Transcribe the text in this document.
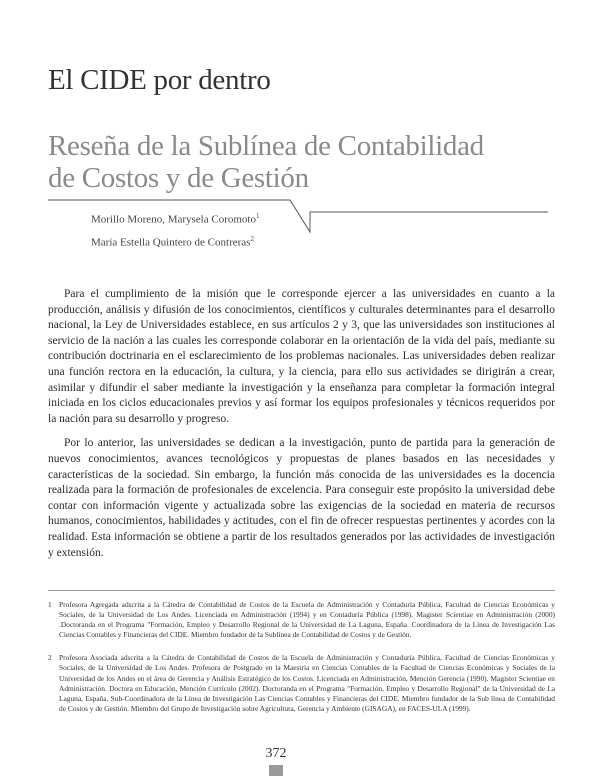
El CIDE por dentro
Reseña de la Sublínea de Contabilidad
de Costos y de Gestión
Morillo Moreno, Marysela Coromoto$^1$
María Estella Quintero de Contreras$^2$

Para el cumplimiento de la misión que le corresponde ejercer a las universidades en cuanto a la producción, análisis y difusión de los conocimientos, científicos y culturales determinantes para el desarrollo nacional, la Ley de Universidades establece, en sus artículos 2 y 3, que las universidades son instituciones al servicio de la nación a las cuales les corresponde colaborar en la orientación de la vida del país, mediante su contribución doctrinaria en el esclarecimiento de los problemas nacionales. Las universidades deben realizar una función rectora en la educación, la cultura, y la ciencia, para ello sus actividades se dirigirán a crear, asimilar y difundir el saber mediante la investigación y la enseñanza para completar la formación integral iniciada en los ciclos educacionales previos y así formar los equipos profesionales y técnicos requeridos por la nación para su desarrollo y progreso.

Por lo anterior, las universidades se dedican a la investigación, punto de partida para la generación de nuevos conocimientos, avances tecnológicos y propuestas de planes basados en las necesidades y características de la sociedad. Sin embargo, la función más conocida de las universidades es la docencia realizada para la formación de profesionales de excelencia. Para conseguir este propósito la universidad debe contar con información vigente y actualizada sobre las exigencias de la sociedad en materia de recursos humanos, conocimientos, habilidades y actitudes, con el fin de ofrecer respuestas pertinentes y acordes con la realidad. Esta información se obtiene a partir de los resultados generados por las actividades de investigación y extensión.

1 Profesora Agregada adscrita a la Cátedra de Contabilidad de Costos de la Escuela de Administración y Contaduría Pública, Facultad de Ciencias Económicas y Sociales, de la Universidad de Los Andes. Licenciada en Administración (1994) y en Contaduría Pública (1998). Magister Scientiae en Administración (2000) .Doctoranda en el Programa "Formación, Empleo y Desarrollo Regional de la Universidad de La Laguna, España. Coordinadora de la Línea de Investigación Las Ciencias Contables y Financieras del CIDE. Miembro fundador de la Sublínea de Contabilidad de Costos y de Gestión.
2 Profesora Asociada adscrita a la Cátedra de Contabilidad de Costos de la Escuela de Administración y Contaduría Pública, Facultad de Ciencias Económicas y Sociales, de la Universidad de Los Andes. Profesora de Postgrado en la Maestría en Ciencias Contables de la Facultad de Ciencias Económicas y Sociales de la Universidad de los Andes en el área de Gerencia y Análisis Estratégico de los Costos. Licenciada en Administración, Mención Gerencia (1990). Magister Scientiae en Administración. Doctora en Educación, Mención Currículo (2002). Doctoranda en el Programa "Formación, Empleo y Desarrollo Regional" de la Universidad de La Laguna, España. Sub-Coordinadora de la Línea de Investigación Las Ciencias Contables y Financieras del CIDE. Miembro fundador de la Sub línea de Contabilidad de Costos y de Gestión. Miembro del Grupo de Investigación sobre Agricultura, Gerencia y Ambiente (GISAGA), en FACES-ULA (1999).
372
